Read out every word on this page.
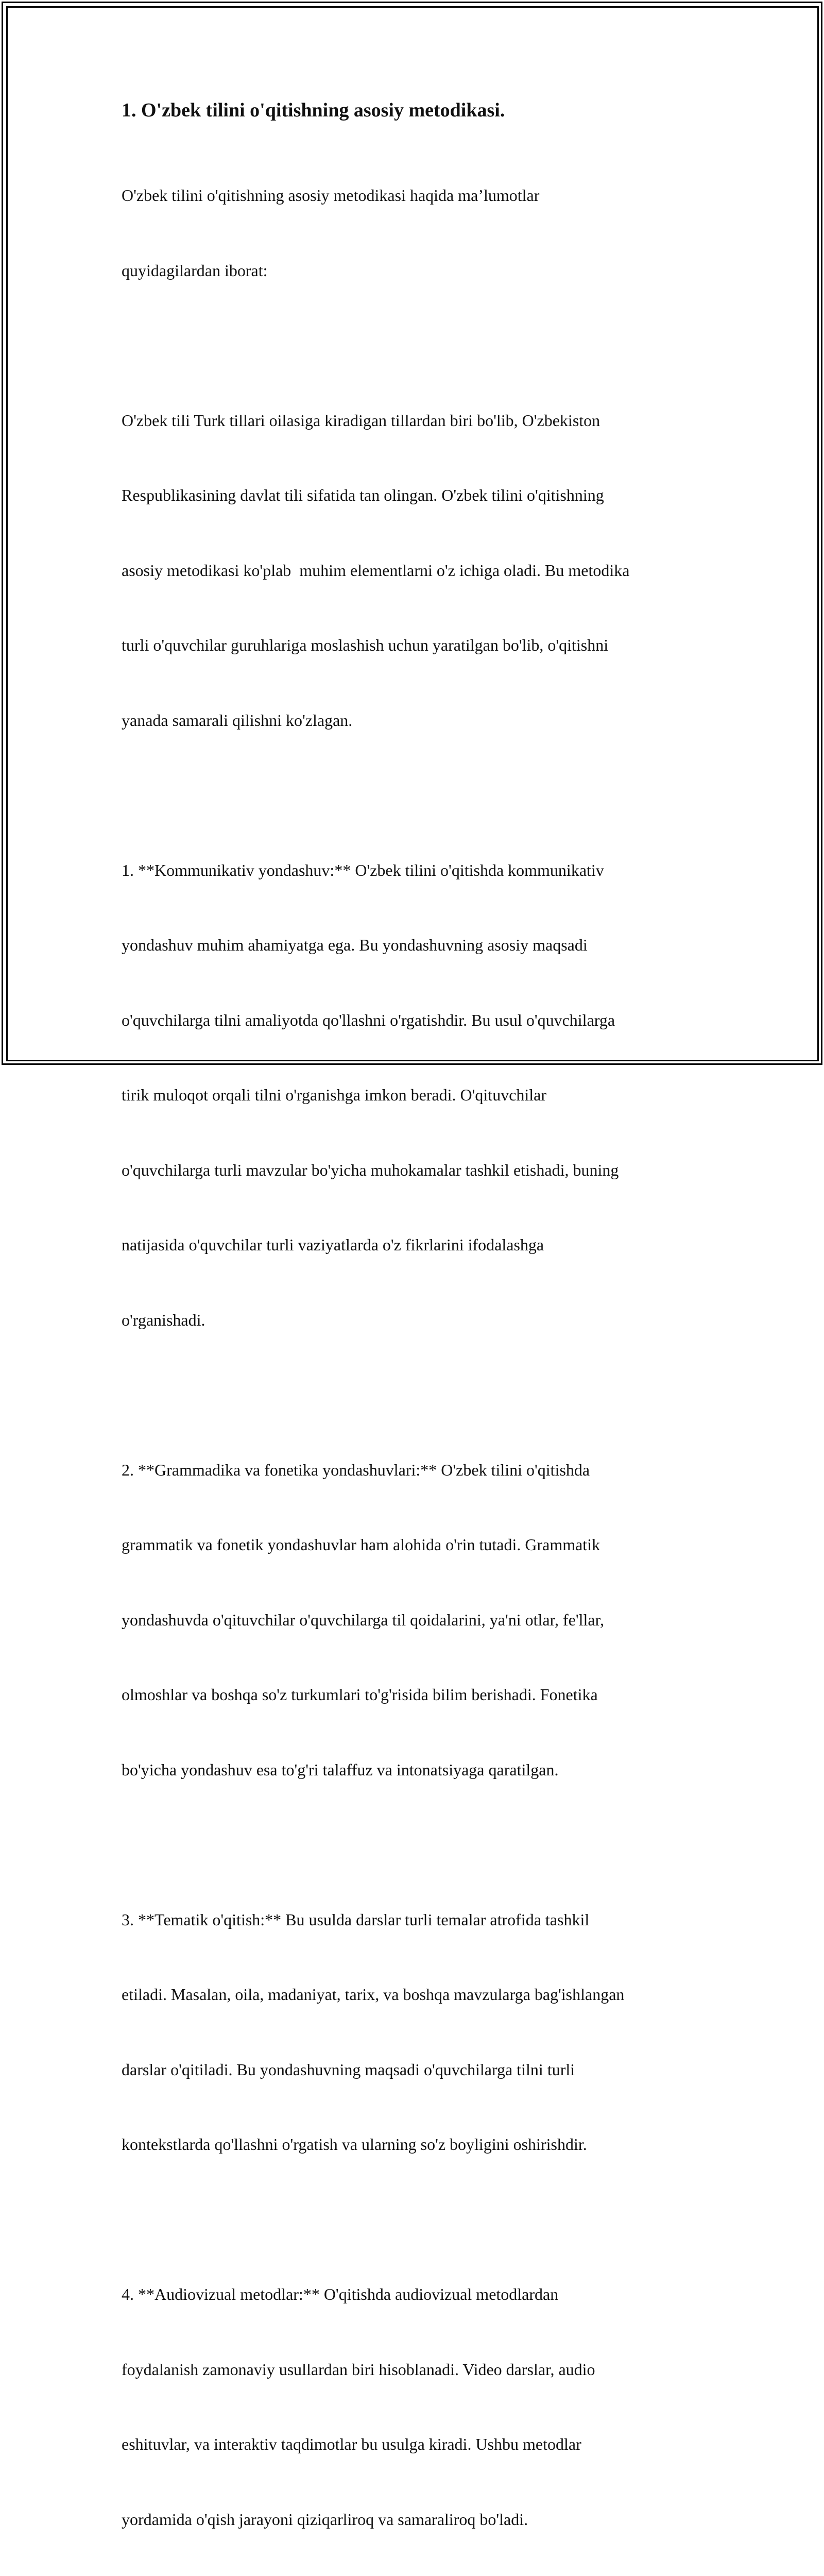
1. O'zbek tilini o'qitishning asosiy metodikasi.

O'zbek tilini o'qitishning asosiy metodikasi haqida ma’lumotlar

quyidagilardan iborat:

O'zbek tili Turk tillari oilasiga kiradigan tillardan biri bo'lib, O'zbekiston

Respublikasining davlat tili sifatida tan olingan. O'zbek tilini o'qitishning

asosiy metodikasi ko'plab  muhim elementlarni o'z ichiga oladi. Bu metodika

turli o'quvchilar guruhlariga moslashish uchun yaratilgan bo'lib, o'qitishni

yanada samarali qilishni ko'zlagan.

1. **Kommunikativ yondashuv:** O'zbek tilini o'qitishda kommunikativ

yondashuv muhim ahamiyatga ega. Bu yondashuvning asosiy maqsadi

o'quvchilarga tilni amaliyotda qo'llashni o'rgatishdir. Bu usul o'quvchilarga

tirik muloqot orqali tilni o'rganishga imkon beradi. O'qituvchilar

o'quvchilarga turli mavzular bo'yicha muhokamalar tashkil etishadi, buning

natijasida o'quvchilar turli vaziyatlarda o'z fikrlarini ifodalashga

o'rganishadi.

2. **Grammadika va fonetika yondashuvlari:** O'zbek tilini o'qitishda

grammatik va fonetik yondashuvlar ham alohida o'rin tutadi. Grammatik

yondashuvda o'qituvchilar o'quvchilarga til qoidalarini, ya'ni otlar, fe'llar,

olmoshlar va boshqa so'z turkumlari to'g'risida bilim berishadi. Fonetika

bo'yicha yondashuv esa to'g'ri talaffuz va intonatsiyaga qaratilgan.

3. **Tematik o'qitish:** Bu usulda darslar turli temalar atrofida tashkil

etiladi. Masalan, oila, madaniyat, tarix, va boshqa mavzularga bag'ishlangan

darslar o'qitiladi. Bu yondashuvning maqsadi o'quvchilarga tilni turli

kontekstlarda qo'llashni o'rgatish va ularning so'z boyligini oshirishdir.

4. **Audiovizual metodlar:** O'qitishda audiovizual metodlardan

foydalanish zamonaviy usullardan biri hisoblanadi. Video darslar, audio

eshituvlar, va interaktiv taqdimotlar bu usulga kiradi. Ushbu metodlar

yordamida o'qish jarayoni qiziqarliroq va samaraliroq bo'ladi.
